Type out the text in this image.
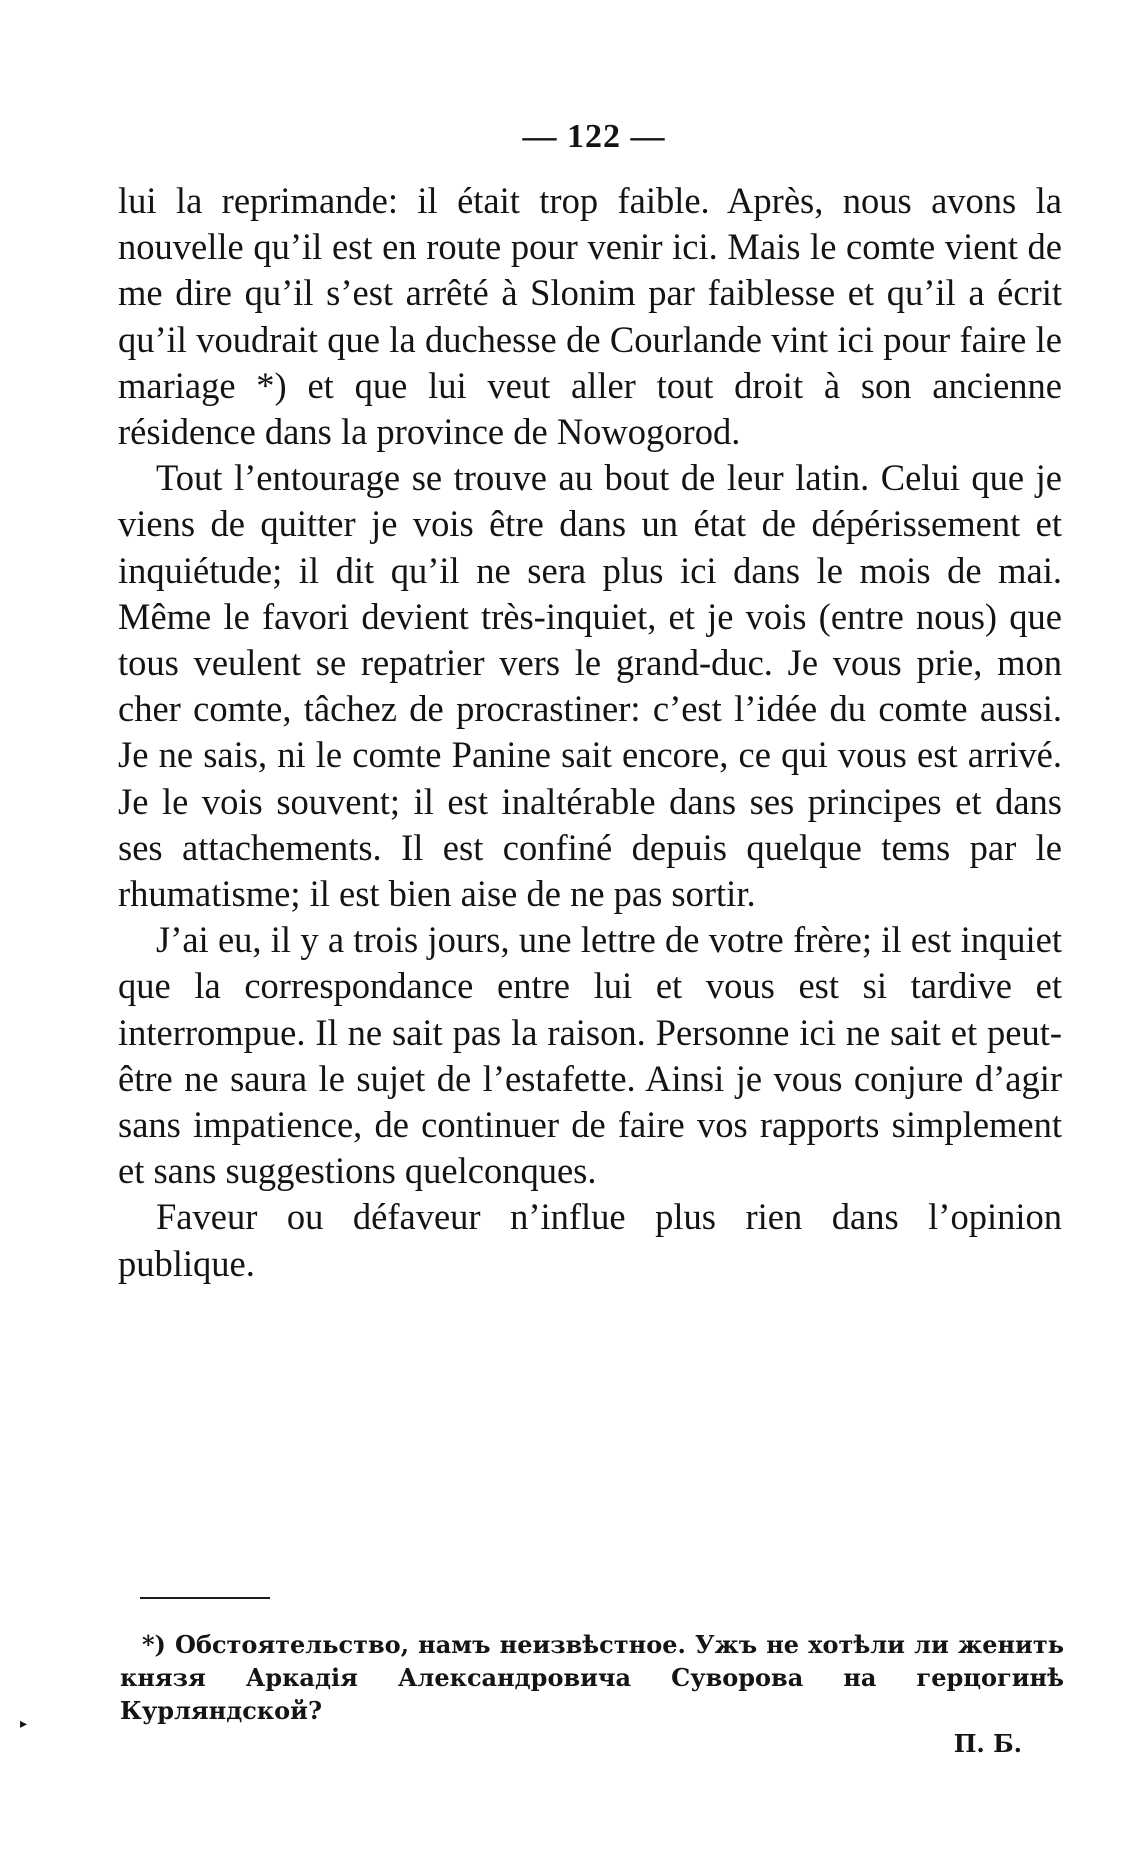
— 122 —

lui la reprimande: il était trop faible. Après, nous avons la nouvelle qu’il est en route pour venir ici. Mais le comte vient de me dire qu’il s’est arrêté à Slonim par faiblesse et qu’il a écrit qu’il voudrait que la duchesse de Courlande vint ici pour faire le mariage *) et que lui veut aller tout droit à son ancienne résidence dans la province de Nowogorod.

Tout l’entourage se trouve au bout de leur latin. Celui que je viens de quitter je vois être dans un état de dépérissement et inquiétude; il dit qu’il ne sera plus ici dans le mois de mai. Même le favori devient très-inquiet, et je vois (entre nous) que tous veulent se repatrier vers le grand-duc. Je vous prie, mon cher comte, tâchez de procrastiner: c’est l’idée du comte aussi. Je ne sais, ni le comte Panine sait encore, ce qui vous est arrivé. Je le vois souvent; il est inaltérable dans ses principes et dans ses attachements. Il est confiné depuis quelque tems par le rhumatisme; il est bien aise de ne pas sortir.

J’ai eu, il y a trois jours, une lettre de votre frère; il est inquiet que la correspondance entre lui et vous est si tardive et interrompue. Il ne sait pas la raison. Personne ici ne sait et peut-être ne saura le sujet de l’estafette. Ainsi je vous conjure d’agir sans impatience, de continuer de faire vos rapports simplement et sans suggestions quelconques.

Faveur ou défaveur n’influe plus rien dans l’opinion publique.

*) Обстоятельство, намъ неизвѣстное. Ужъ не хотѣли ли женить князя Аркадія Александровича Суворова на герцогинѣ Курляндской?

П. Б.

▸
